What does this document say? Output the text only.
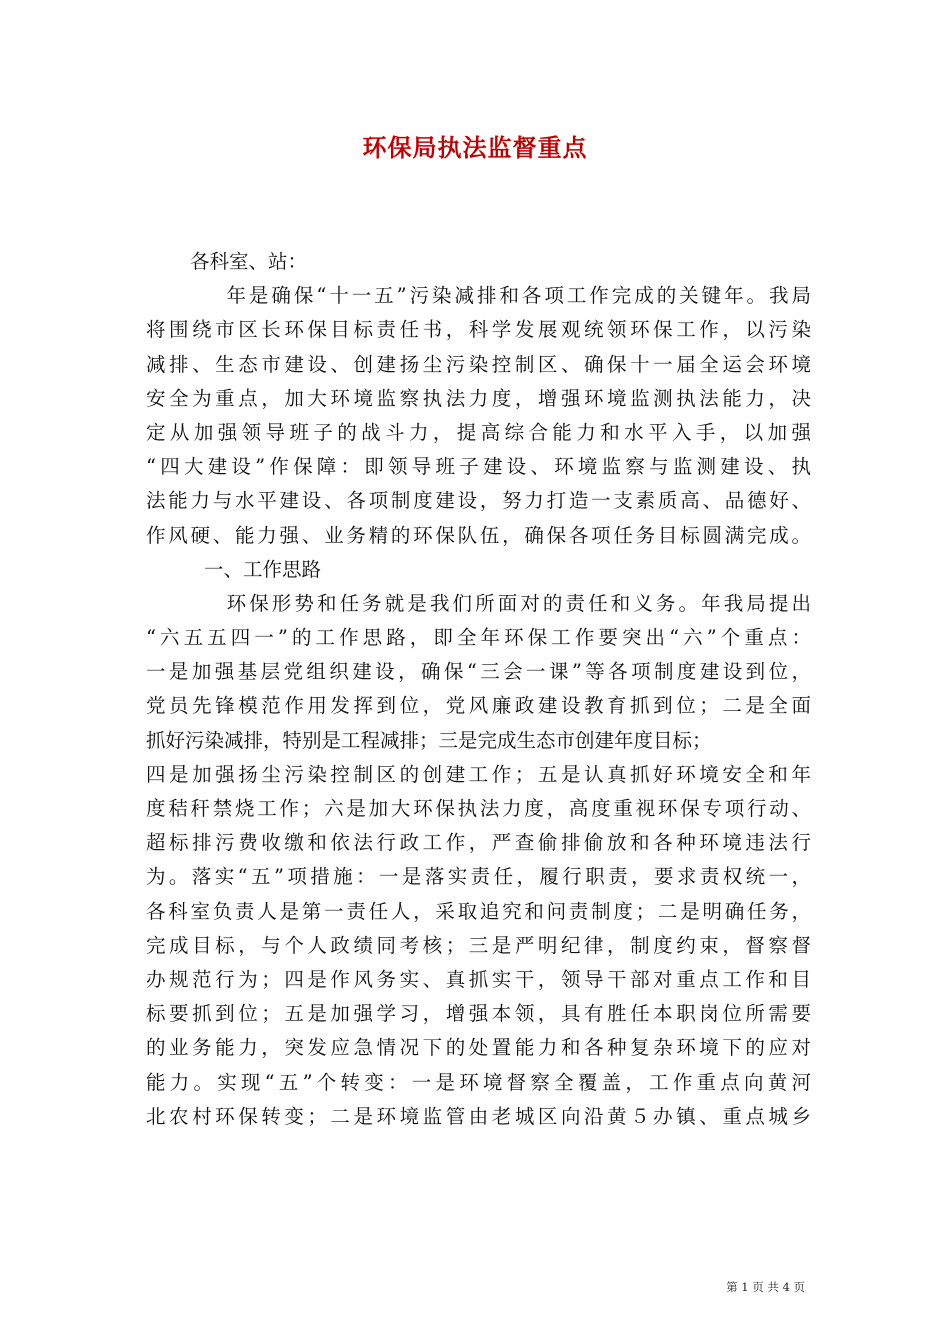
环保局执法监督重点
各科室、站：
　年是确保“十一五”污染减排和各项工作完成的关键年。我局
将围绕市区长环保目标责任书，科学发展观统领环保工作，以污染
减排、生态市建设、创建扬尘污染控制区、确保十一届全运会环境
安全为重点，加大环境监察执法力度，增强环境监测执法能力，决
定从加强领导班子的战斗力，提高综合能力和水平入手，以加强
“四大建设”作保障：即领导班子建设、环境监察与监测建设、执
法能力与水平建设、各项制度建设，努力打造一支素质高、品德好、
作风硬、能力强、业务精的环保队伍，确保各项任务目标圆满完成。
一、工作思路
　环保形势和任务就是我们所面对的责任和义务。年我局提出
“六五五四一”的工作思路，即全年环保工作要突出“六”个重点：
一是加强基层党组织建设，确保“三会一课”等各项制度建设到位，
党员先锋模范作用发挥到位，党风廉政建设教育抓到位；二是全面
抓好污染减排，特别是工程减排；三是完成生态市创建年度目标；
四是加强扬尘污染控制区的创建工作；五是认真抓好环境安全和年
度秸秆禁烧工作；六是加大环保执法力度，高度重视环保专项行动、
超标排污费收缴和依法行政工作，严查偷排偷放和各种环境违法行
为。落实“五”项措施：一是落实责任，履行职责，要求责权统一，
各科室负责人是第一责任人，采取追究和问责制度；二是明确任务，
完成目标，与个人政绩同考核；三是严明纪律，制度约束，督察督
办规范行为；四是作风务实、真抓实干，领导干部对重点工作和目
标要抓到位；五是加强学习，增强本领，具有胜任本职岗位所需要
的业务能力，突发应急情况下的处置能力和各种复杂环境下的应对
能力。实现“五”个转变：一是环境督察全覆盖，工作重点向黄河
北农村环保转变；二是环境监管由老城区向沿黄５办镇、重点城乡
第 1 页 共 4 页
